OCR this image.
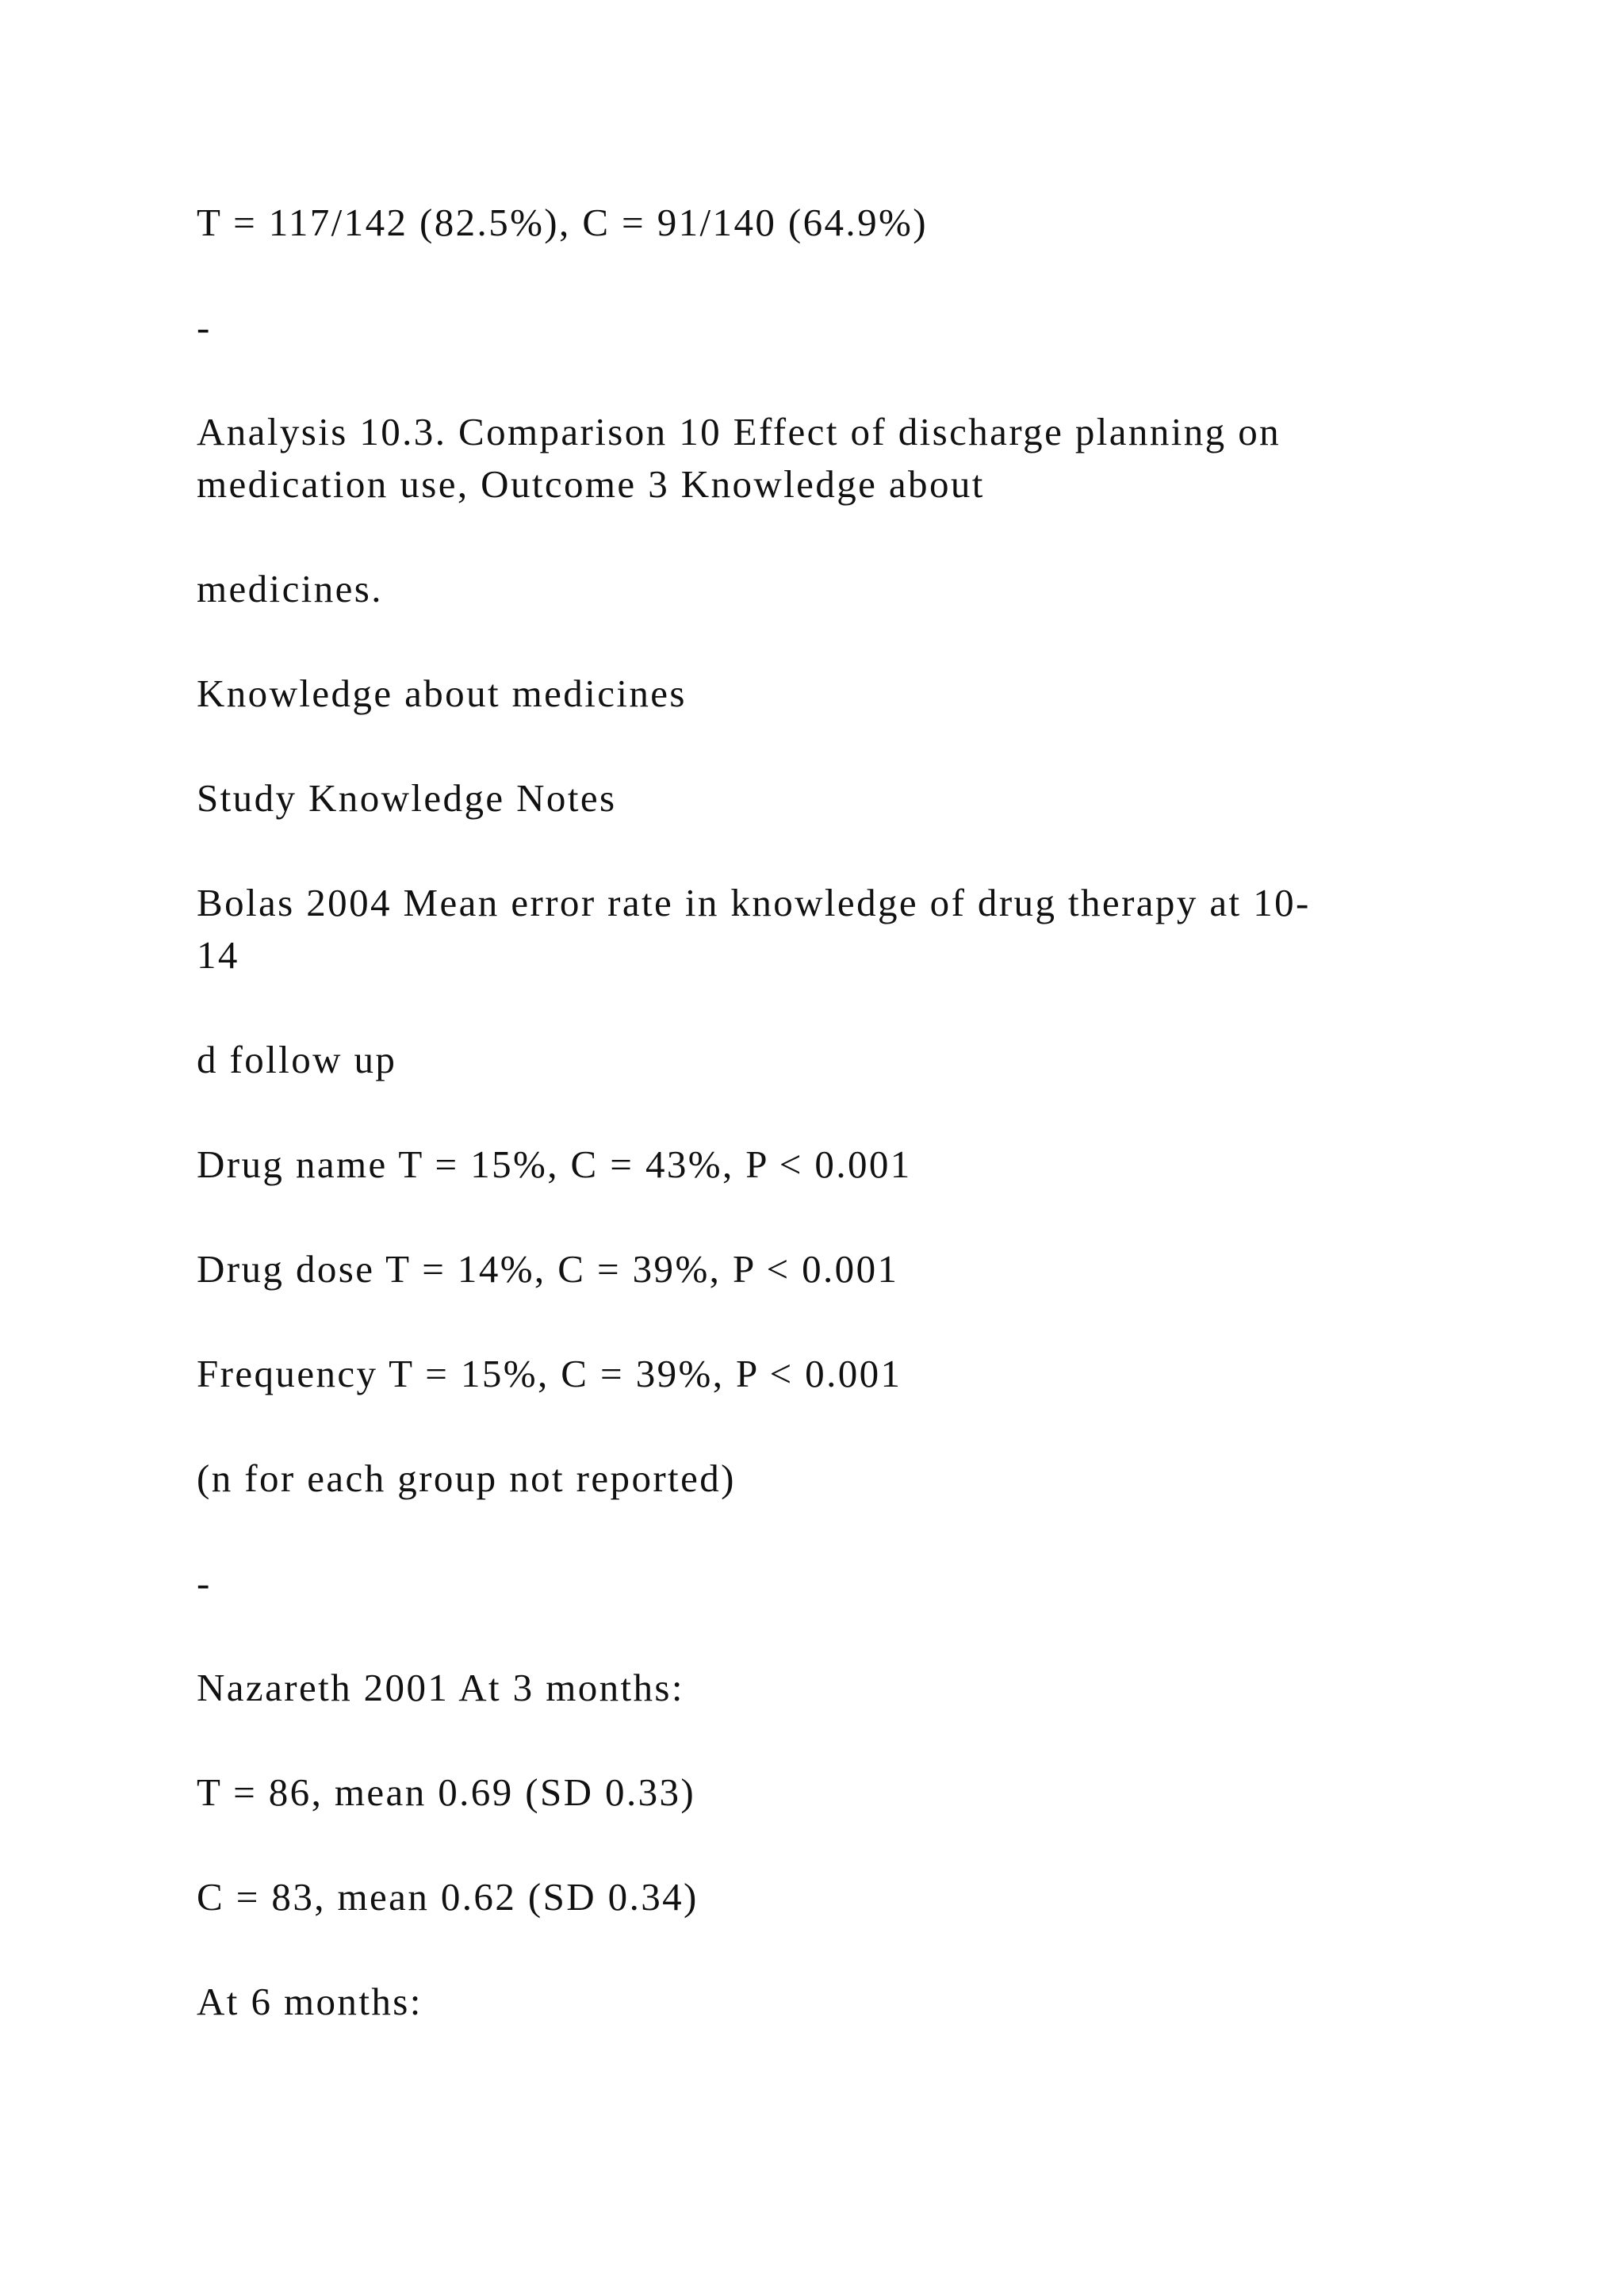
T = 117/142 (82.5%), C = 91/140 (64.9%)

-

Analysis 10.3. Comparison 10 Effect of discharge planning on
medication use, Outcome 3 Knowledge about

medicines.

Knowledge about medicines

Study Knowledge Notes

Bolas 2004 Mean error rate in knowledge of drug therapy at 10-
14

d follow up

Drug name T = 15%, C = 43%, P < 0.001

Drug dose T = 14%, C = 39%, P < 0.001

Frequency T = 15%, C = 39%, P < 0.001

(n for each group not reported)

-

Nazareth 2001 At 3 months:

T = 86, mean 0.69 (SD 0.33)

C = 83, mean 0.62 (SD 0.34)

At 6 months:
